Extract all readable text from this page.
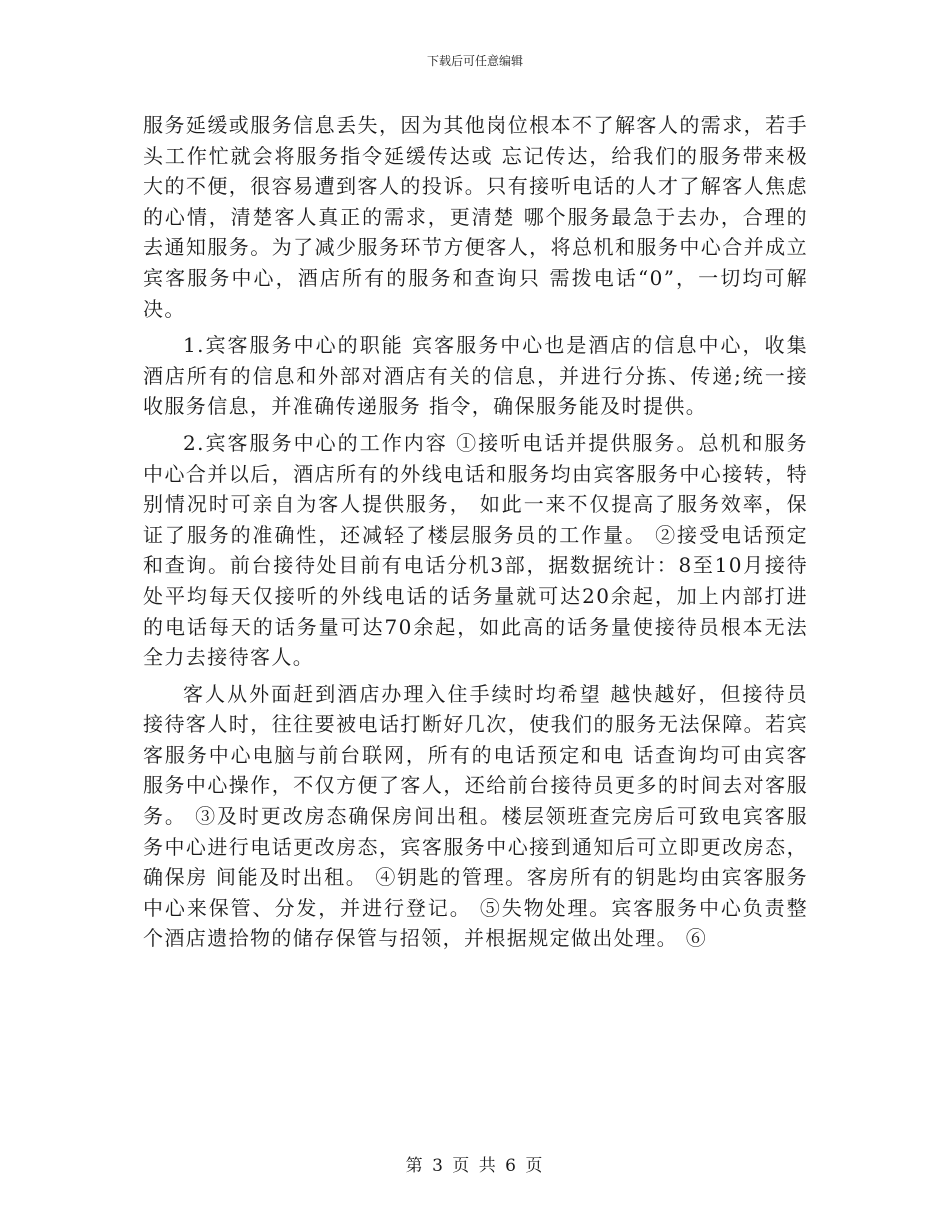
下载后可任意编辑

服务延缓或服务信息丢失，因为其他岗位根本不了解客人的需求，若手头工作忙就会将服务指令延缓传达或 忘记传达，给我们的服务带来极大的不便，很容易遭到客人的投诉。只有接听电话的人才了解客人焦虑的心情，清楚客人真正的需求，更清楚 哪个服务最急于去办，合理的去通知服务。为了减少服务环节方便客人，将总机和服务中心合并成立宾客服务中心，酒店所有的服务和查询只 需拨电话“0”，一切均可解决。

1.宾客服务中心的职能 宾客服务中心也是酒店的信息中心，收集酒店所有的信息和外部对酒店有关的信息，并进行分拣、传递;统一接收服务信息，并准确传递服务 指令，确保服务能及时提供。

2.宾客服务中心的工作内容 ①接听电话并提供服务。总机和服务中心合并以后，酒店所有的外线电话和服务均由宾客服务中心接转，特别情况时可亲自为客人提供服务， 如此一来不仅提高了服务效率，保证了服务的准确性，还减轻了楼层服务员的工作量。 ②接受电话预定和查询。前台接待处目前有电话分机3部，据数据统计：8至10月接待处平均每天仅接听的外线电话的话务量就可达20余起，加上内部打进的电话每天的话务量可达70余起，如此高的话务量使接待员根本无法全力去接待客人。

客人从外面赶到酒店办理入住手续时均希望 越快越好，但接待员接待客人时，往往要被电话打断好几次，使我们的服务无法保障。若宾客服务中心电脑与前台联网，所有的电话预定和电 话查询均可由宾客服务中心操作，不仅方便了客人，还给前台接待员更多的时间去对客服务。 ③及时更改房态确保房间出租。楼层领班查完房后可致电宾客服务中心进行电话更改房态，宾客服务中心接到通知后可立即更改房态，确保房 间能及时出租。 ④钥匙的管理。客房所有的钥匙均由宾客服务中心来保管、分发，并进行登记。 ⑤失物处理。宾客服务中心负责整个酒店遗拾物的储存保管与招领，并根据规定做出处理。 ⑥

第 3 页 共 6 页
